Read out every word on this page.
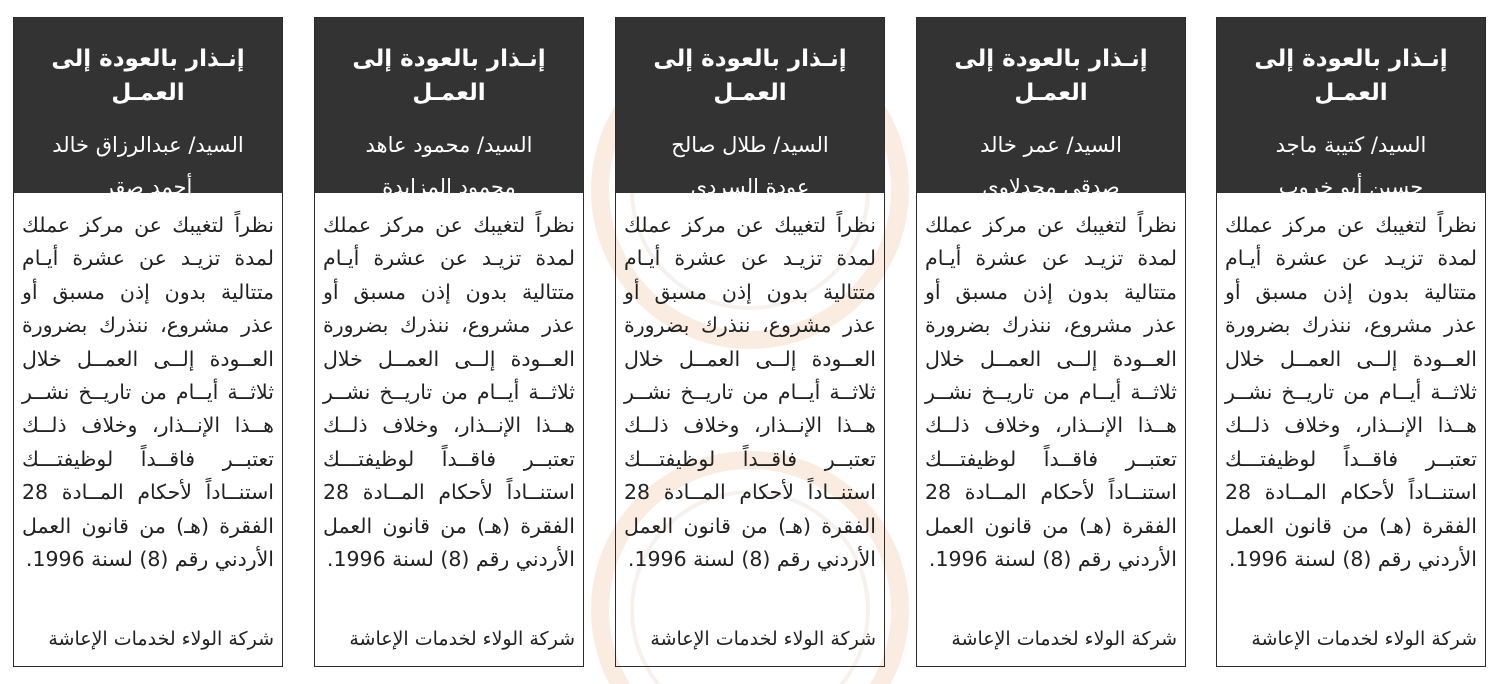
إنـذار بالعودة إلى العمـل
السيد/ عبدالرزاق خالد
أحمد صقر
نظراً لتغيبك عن مركز عملك
لمدة تزيـد عن عشرة أيـام
متتالية بدون إذن مسبق أو
عذر مشروع، ننذرك بضرورة
العــودة إلــى العمــل خلال
ثلاثــة أيــام من تاريــخ نشــر
هــذا الإنــذار، وخلاف ذلــك
تعتبــر فاقــداً لوظيفتـــك
استنــاداً لأحكام المــادة 28
الفقرة (هـ) من قانون العمل
الأردني رقم (8) لسنة 1996.
شركة الولاء لخدمات الإعاشة
إنـذار بالعودة إلى العمـل
السيد/ محمود عاهد
محمود المزايدة
نظراً لتغيبك عن مركز عملك
لمدة تزيـد عن عشرة أيـام
متتالية بدون إذن مسبق أو
عذر مشروع، ننذرك بضرورة
العــودة إلــى العمــل خلال
ثلاثــة أيــام من تاريــخ نشــر
هــذا الإنــذار، وخلاف ذلــك
تعتبــر فاقــداً لوظيفتـــك
استنــاداً لأحكام المــادة 28
الفقرة (هـ) من قانون العمل
الأردني رقم (8) لسنة 1996.
شركة الولاء لخدمات الإعاشة
إنـذار بالعودة إلى العمـل
السيد/ طلال صالح
عودة السردي
نظراً لتغيبك عن مركز عملك
لمدة تزيـد عن عشرة أيـام
متتالية بدون إذن مسبق أو
عذر مشروع، ننذرك بضرورة
العــودة إلــى العمــل خلال
ثلاثــة أيــام من تاريــخ نشــر
هــذا الإنــذار، وخلاف ذلــك
تعتبــر فاقــداً لوظيفتـــك
استنــاداً لأحكام المــادة 28
الفقرة (هـ) من قانون العمل
الأردني رقم (8) لسنة 1996.
شركة الولاء لخدمات الإعاشة
إنـذار بالعودة إلى العمـل
السيد/ عمر خالد
صدقي مجدلاوي
نظراً لتغيبك عن مركز عملك
لمدة تزيـد عن عشرة أيـام
متتالية بدون إذن مسبق أو
عذر مشروع، ننذرك بضرورة
العــودة إلــى العمــل خلال
ثلاثــة أيــام من تاريــخ نشــر
هــذا الإنــذار، وخلاف ذلــك
تعتبــر فاقــداً لوظيفتـــك
استنــاداً لأحكام المــادة 28
الفقرة (هـ) من قانون العمل
الأردني رقم (8) لسنة 1996.
شركة الولاء لخدمات الإعاشة
إنـذار بالعودة إلى العمـل
السيد/ كتيبة ماجد
حسين أبو خروب
نظراً لتغيبك عن مركز عملك
لمدة تزيـد عن عشرة أيـام
متتالية بدون إذن مسبق أو
عذر مشروع، ننذرك بضرورة
العــودة إلــى العمــل خلال
ثلاثــة أيــام من تاريــخ نشــر
هــذا الإنــذار، وخلاف ذلــك
تعتبــر فاقــداً لوظيفتـــك
استنــاداً لأحكام المــادة 28
الفقرة (هـ) من قانون العمل
الأردني رقم (8) لسنة 1996.
شركة الولاء لخدمات الإعاشة
